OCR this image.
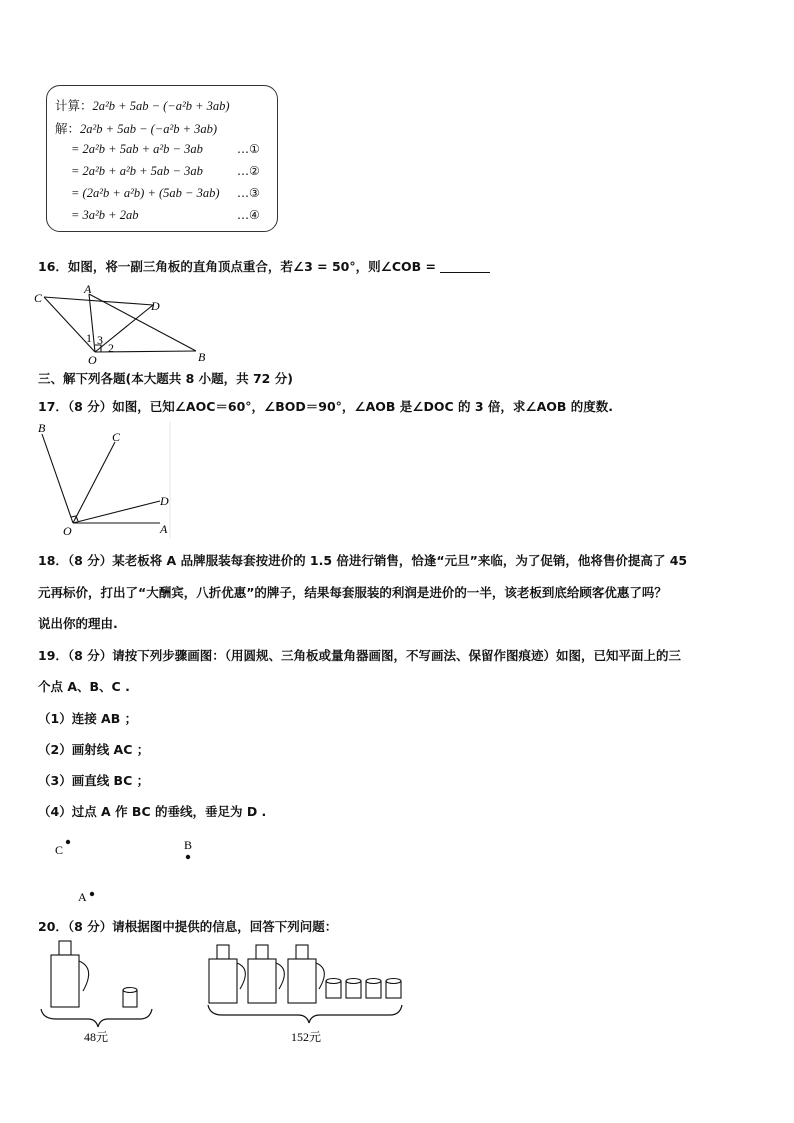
计算：2a²b + 5ab − (−a²b + 3ab)
解：2a²b + 5ab − (−a²b + 3ab)
= 2a²b + 5ab + a²b − 3ab	…①
= 2a²b + a²b + 5ab − 3ab	…②
= (2a²b + a²b) + (5ab − 3ab) …③
= 3a²b + 2ab	…④
16．如图，将一副三角板的直角顶点重合，若∠3 = 50°，则∠COB =
C
A
D
O	B
1 3
2
三、解下列各题(本大题共 8 小题，共 72 分)
17．（8 分）如图，已知∠AOC＝60°，∠BOD＝90°，∠AOB 是∠DOC 的 3 倍，求∠AOB 的度数.
B
C
D
O	A
18．（8 分）某老板将 A 品牌服装每套按进价的 1.5 倍进行销售，恰逢“元旦”来临，为了促销，他将售价提高了 45
元再标价，打出了“大酬宾，八折优惠”的牌子，结果每套服装的利润是进价的一半，该老板到底给顾客优惠了吗？
说出你的理由.
19．（8 分）请按下列步骤画图：（用圆规、三角板或量角器画图，不写画法、保留作图痕迹）如图，已知平面上的三
个点 A、B、C .
（1）连接 AB ；
（2）画射线 AC ；
（3）画直线 BC ；
（4）过点 A 作 BC 的垂线，垂足为 D .
C	B
A
20．（8 分）请根据图中提供的信息，回答下列问题：
48元	152元
